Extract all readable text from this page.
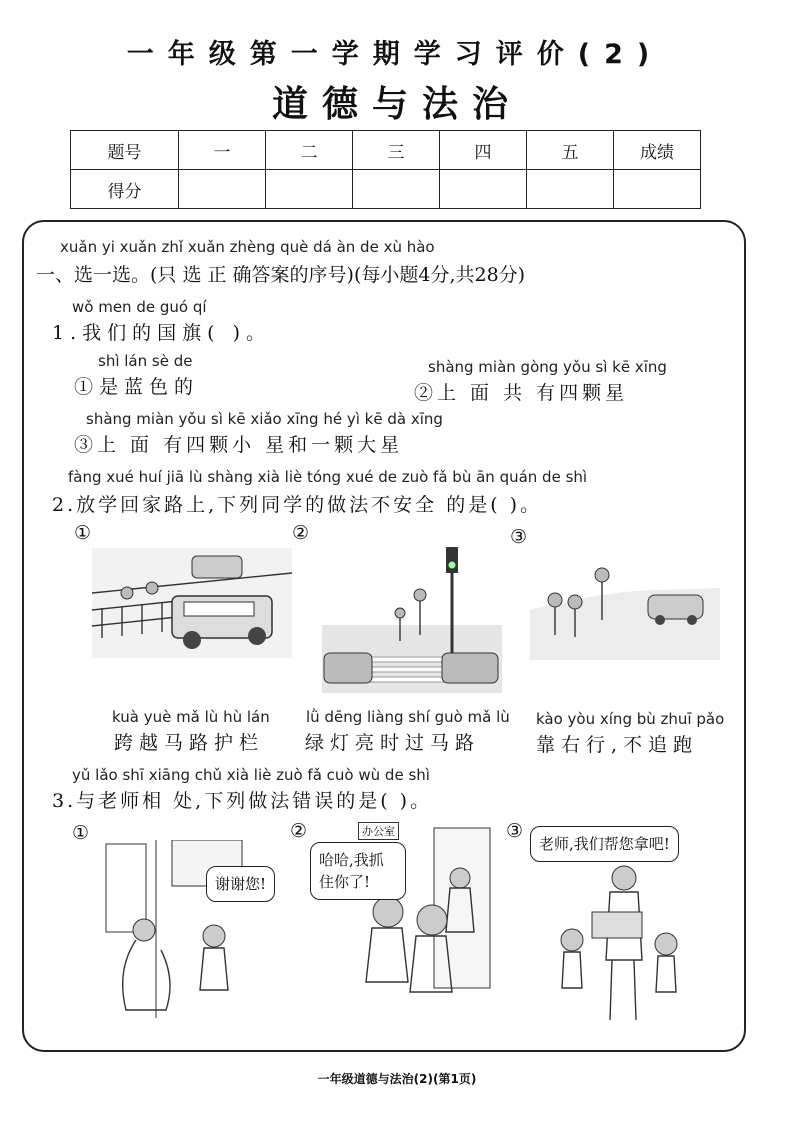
一年级第一学期学习评价(2)
道德与法治
题号	一	二	三	四	五	成绩
得分						
xuǎn yi xuǎn zhǐ xuǎn zhèng què dá àn de xù hào
一、选一选。(只 选 正 确答案的序号)(每小题4分,共28分)
wǒ men de guó qí
1.我们的国旗( )。
shì lán sè de
①是蓝色的
shàng miàn gòng yǒu sì kē xīng
②上 面 共 有四颗星
shàng miàn yǒu sì kē xiǎo xīng hé yì kē dà xīng
③上 面 有四颗小 星和一颗大星
fàng xué huí jiā lù shàng xià liè tóng xué de zuò fǎ bù ān quán de shì
2.放学回家路上,下列同学的做法不安全 的是( )。
①	②	③
kuà yuè mǎ lù hù lán
跨越马路护栏
lǜ dēng liàng shí guò mǎ lù
绿灯亮时过马路
kào yòu xíng bù zhuī pǎo
靠右行,不追跑
yǔ lǎo shī xiāng chǔ xià liè zuò fǎ cuò wù de shì
3.与老师相 处,下列做法错误的是( )。
①	②	③
谢谢您!
办公室
哈哈,我抓住你了!
老师,我们帮您拿吧!
一年级道德与法治(2)(第1页)
